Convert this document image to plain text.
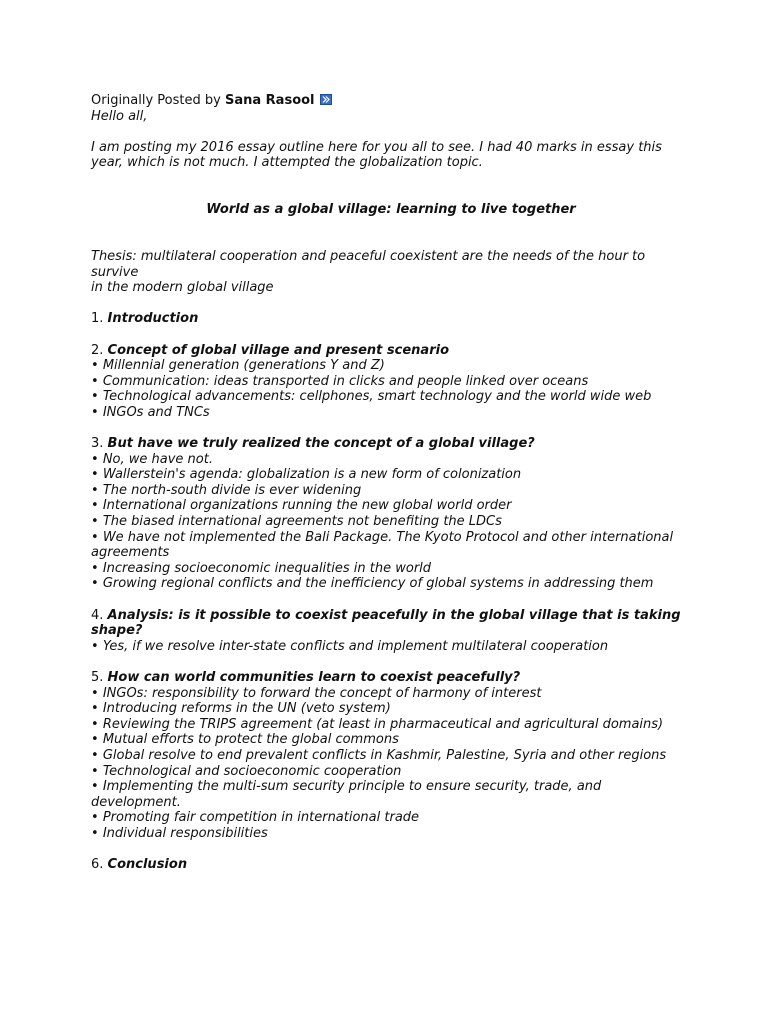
Originally Posted by Sana Rasool
Hello all,
I am posting my 2016 essay outline here for you all to see. I had 40 marks in essay this
year, which is not much. I attempted the globalization topic.
World as a global village: learning to live together
Thesis: multilateral cooperation and peaceful coexistent are the needs of the hour to survive
in the modern global village
1. Introduction
2. Concept of global village and present scenario
• Millennial generation (generations Y and Z)
• Communication: ideas transported in clicks and people linked over oceans
• Technological advancements: cellphones, smart technology and the world wide web
• INGOs and TNCs
3. But have we truly realized the concept of a global village?
• No, we have not.
• Wallerstein's agenda: globalization is a new form of colonization
• The north-south divide is ever widening
• International organizations running the new global world order
• The biased international agreements not benefiting the LDCs
• We have not implemented the Bali Package. The Kyoto Protocol and other international
agreements
• Increasing socioeconomic inequalities in the world
• Growing regional conflicts and the inefficiency of global systems in addressing them
4. Analysis: is it possible to coexist peacefully in the global village that is taking
shape?
• Yes, if we resolve inter-state conflicts and implement multilateral cooperation
5. How can world communities learn to coexist peacefully?
• INGOs: responsibility to forward the concept of harmony of interest
• Introducing reforms in the UN (veto system)
• Reviewing the TRIPS agreement (at least in pharmaceutical and agricultural domains)
• Mutual efforts to protect the global commons
• Global resolve to end prevalent conflicts in Kashmir, Palestine, Syria and other regions
• Technological and socioeconomic cooperation
• Implementing the multi-sum security principle to ensure security, trade, and
development.
• Promoting fair competition in international trade
• Individual responsibilities
6. Conclusion
